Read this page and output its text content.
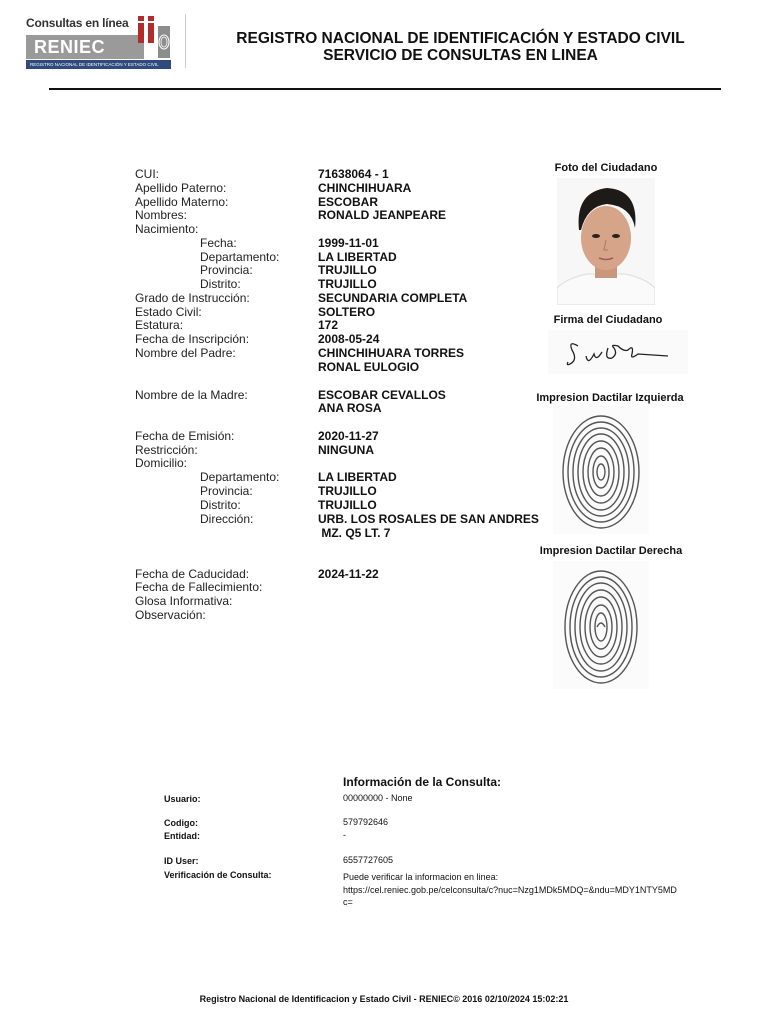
Consultas en línea
RENIEC
REGISTRO NACIONAL DE IDENTIFICACIÓN Y ESTADO CIVIL
REGISTRO NACIONAL DE IDENTIFICACIÓN Y ESTADO CIVIL
SERVICIO DE CONSULTAS EN LINEA
CUI:	71638064 - 1
Apellido Paterno:	CHINCHIHUARA
Apellido Materno:	ESCOBAR
Nombres:	RONALD JEANPEARE
Nacimiento:
Fecha:	1999-11-01
Departamento:	LA LIBERTAD
Provincia:	TRUJILLO
Distrito:	TRUJILLO
Grado de Instrucción:	SECUNDARIA COMPLETA
Estado Civil:	SOLTERO
Estatura:	172
Fecha de Inscripción:	2008-05-24
Nombre del Padre:	CHINCHIHUARA TORRES
RONAL EULOGIO
Nombre de la Madre:	ESCOBAR CEVALLOS
ANA ROSA
Fecha de Emisión:	2020-11-27
Restricción:	NINGUNA
Domicilio:
Departamento:	LA LIBERTAD
Provincia:	TRUJILLO
Distrito:	TRUJILLO
Dirección:	URB. LOS ROSALES DE SAN ANDRES
MZ. Q5 LT. 7
Fecha de Caducidad:	2024-11-22
Fecha de Fallecimiento:
Glosa Informativa:
Observación:
Foto del Ciudadano
Firma del Ciudadano
Impresion Dactilar Izquierda
Impresion Dactilar Derecha
Información de la Consulta:
Usuario:	00000000 - None
Codigo:	579792646
Entidad:	-
ID User:	6557727605
Verificación de Consulta:	Puede verificar la informacion en linea:
https://cel.reniec.gob.pe/celconsulta/c?nuc=Nzg1MDk5MDQ=&ndu=MDY1NTY5MD
c=
Registro Nacional de Identificacion y Estado Civil - RENIEC© 2016 02/10/2024 15:02:21
